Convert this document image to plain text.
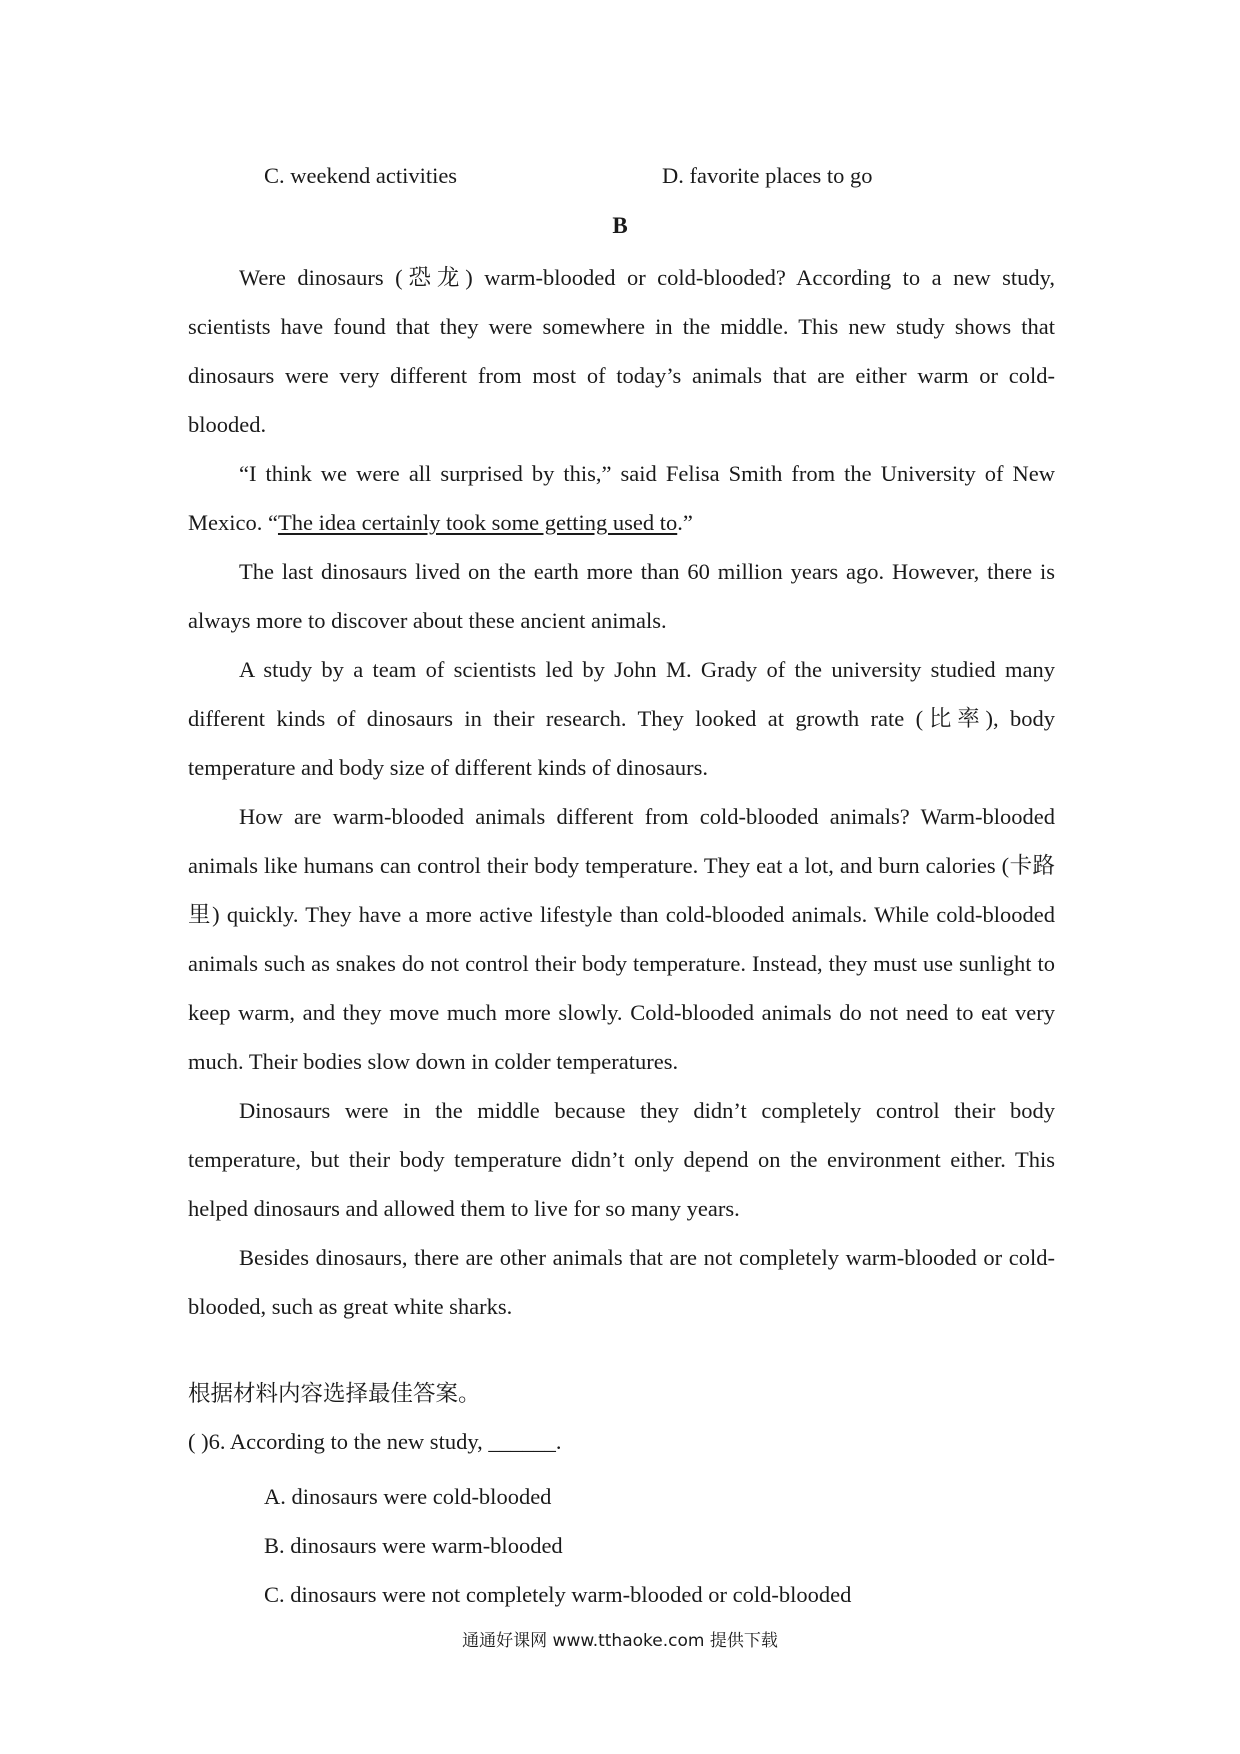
C. weekend activities	D. favorite places to go
B

Were dinosaurs (恐龙) warm-blooded or cold-blooded? According to a new study, scientists have found that they were somewhere in the middle. This new study shows that dinosaurs were very different from most of today’s animals that are either warm or cold-blooded.

“I think we were all surprised by this,” said Felisa Smith from the University of New Mexico. “The idea certainly took some getting used to.”

The last dinosaurs lived on the earth more than 60 million years ago. However, there is always more to discover about these ancient animals.

A study by a team of scientists led by John M. Grady of the university studied many different kinds of dinosaurs in their research. They looked at growth rate (比率), body temperature and body size of different kinds of dinosaurs.

How are warm-blooded animals different from cold-blooded animals? Warm-blooded animals like humans can control their body temperature. They eat a lot, and burn calories (卡路里) quickly. They have a more active lifestyle than cold-blooded animals. While cold-blooded animals such as snakes do not control their body temperature. Instead, they must use sunlight to keep warm, and they move much more slowly. Cold-blooded animals do not need to eat very much. Their bodies slow down in colder temperatures.

Dinosaurs were in the middle because they didn’t completely control their body temperature, but their body temperature didn’t only depend on the environment either. This helped dinosaurs and allowed them to live for so many years.

Besides dinosaurs, there are other animals that are not completely warm-blooded or cold-blooded, such as great white sharks.

根据材料内容选择最佳答案。
( )6. According to the new study, ______.
A. dinosaurs were cold-blooded
B. dinosaurs were warm-blooded
C. dinosaurs were not completely warm-blooded or cold-blooded
通通好课网 www.tthaoke.com 提供下载
